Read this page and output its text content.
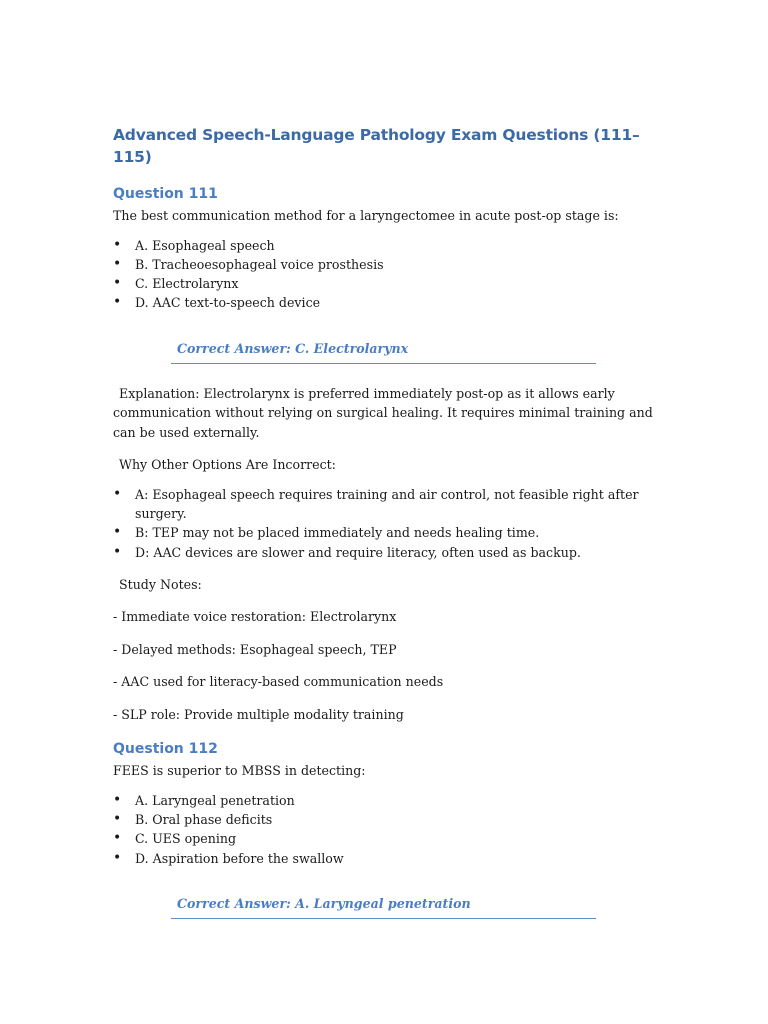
Advanced Speech-Language Pathology Exam Questions (111–115)
Question 111

The best communication method for a laryngectomee in acute post-op stage is:

• A. Esophageal speech
• B. Tracheoesophageal voice prosthesis
• C. Electrolarynx
• D. AAC text-to-speech device
Correct Answer: C. Electrolarynx

Explanation: Electrolarynx is preferred immediately post-op as it allows early communication without relying on surgical healing. It requires minimal training and can be used externally.

Why Other Options Are Incorrect:

• A: Esophageal speech requires training and air control, not feasible right after surgery.
• B: TEP may not be placed immediately and needs healing time.
• D: AAC devices are slower and require literacy, often used as backup.

Study Notes:

- Immediate voice restoration: Electrolarynx

- Delayed methods: Esophageal speech, TEP

- AAC used for literacy-based communication needs

- SLP role: Provide multiple modality training

Question 112

FEES is superior to MBSS in detecting:

• A. Laryngeal penetration
• B. Oral phase deficits
• C. UES opening
• D. Aspiration before the swallow
Correct Answer: A. Laryngeal penetration
